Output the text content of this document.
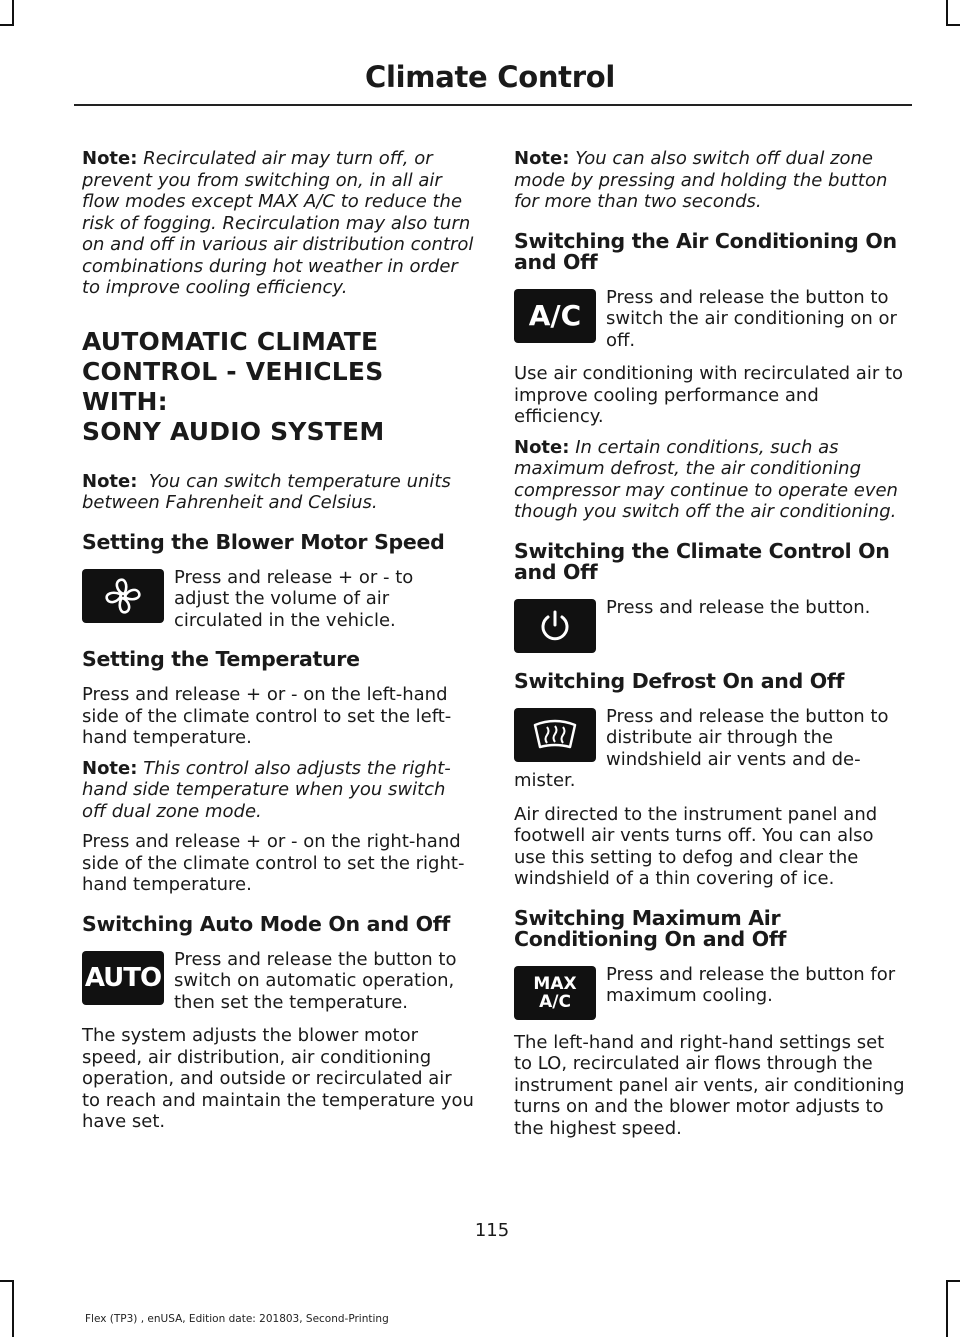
Climate Control

Note: Recirculated air may turn off, or prevent you from switching on, in all air flow modes except MAX A/C to reduce the risk of fogging. Recirculation may also turn on and off in various air distribution control combinations during hot weather in order to improve cooling efficiency.

AUTOMATIC CLIMATE
CONTROL - VEHICLES WITH:
SONY AUDIO SYSTEM

Note: You can switch temperature units between Fahrenheit and Celsius.

Setting the Blower Motor Speed

Press and release + or - to adjust the volume of air circulated in the vehicle.

Setting the Temperature

Press and release + or - on the left-hand side of the climate control to set the left-hand temperature.

Note: This control also adjusts the right-hand side temperature when you switch off dual zone mode.

Press and release + or - on the right-hand side of the climate control to set the right-hand temperature.

Switching Auto Mode On and Off
AUTO

Press and release the button to switch on automatic operation, then set the temperature.

The system adjusts the blower motor speed, air distribution, air conditioning operation, and outside or recirculated air to reach and maintain the temperature you have set.

Note: You can also switch off dual zone mode by pressing and holding the button for more than two seconds.

Switching the Air Conditioning On and Off
A/C

Press and release the button to switch the air conditioning on or off.

Use air conditioning with recirculated air to improve cooling performance and efficiency.

Note: In certain conditions, such as maximum defrost, the air conditioning compressor may continue to operate even though you switch off the air conditioning.

Switching the Climate Control On and Off

Press and release the button.

Switching Defrost On and Off

Press and release the button to distribute air through the windshield air vents and de-mister.

Air directed to the instrument panel and footwell air vents turns off. You can also use this setting to defog and clear the windshield of a thin covering of ice.

Switching Maximum Air Conditioning On and Off
MAX
A/C

Press and release the button for maximum cooling.

The left-hand and right-hand settings set to LO, recirculated air flows through the instrument panel air vents, air conditioning turns on and the blower motor adjusts to the highest speed.

115
Flex (TP3) , enUSA, Edition date: 201803, Second-Printing
